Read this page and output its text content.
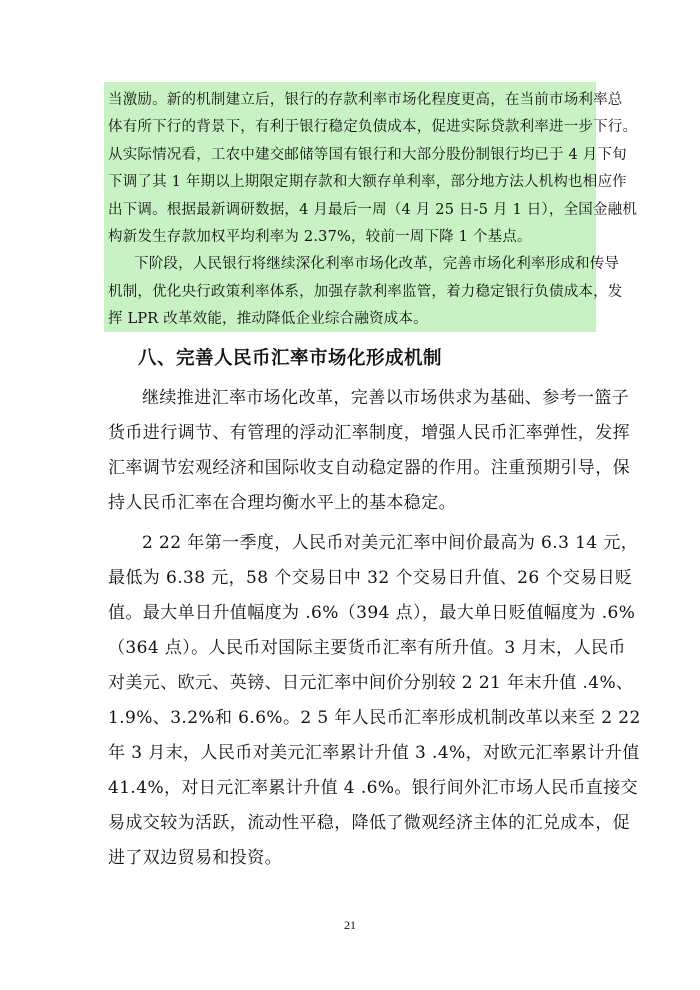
当激励。新的机制建立后，银行的存款利率市场化程度更高，在当前市场利率总
体有所下行的背景下，有利于银行稳定负债成本，促进实际贷款利率进一步下行。
从实际情况看，工农中建交邮储等国有银行和大部分股份制银行均已于 4 月下旬
下调了其 1 年期以上期限定期存款和大额存单利率，部分地方法人机构也相应作
出下调。根据最新调研数据，4 月最后一周（4 月 25 日-5 月 1 日），全国金融机
构新发生存款加权平均利率为 2.37%，较前一周下降 1 个基点。
下阶段，人民银行将继续深化利率市场化改革，完善市场化利率形成和传导
机制，优化央行政策利率体系，加强存款利率监管，着力稳定银行负债成本，发
挥 LPR 改革效能，推动降低企业综合融资成本。
八、完善人民币汇率市场化形成机制
继续推进汇率市场化改革，完善以市场供求为基础、参考一篮子
货币进行调节、有管理的浮动汇率制度，增强人民币汇率弹性，发挥
汇率调节宏观经济和国际收支自动稳定器的作用。注重预期引导，保
持人民币汇率在合理均衡水平上的基本稳定。
2 22 年第一季度，人民币对美元汇率中间价最高为 6.3 14 元，
最低为 6.38 元，58 个交易日中 32 个交易日升值、26 个交易日贬
值。最大单日升值幅度为 .6%（394 点），最大单日贬值幅度为 .6%
（364 点）。人民币对国际主要货币汇率有所升值。3 月末，人民币
对美元、欧元、英镑、日元汇率中间价分别较 2 21 年末升值 .4%、
1.9%、3.2%和 6.6%。2 5 年人民币汇率形成机制改革以来至 2 22
年 3 月末，人民币对美元汇率累计升值 3 .4%，对欧元汇率累计升值
41.4%，对日元汇率累计升值 4 .6%。银行间外汇市场人民币直接交
易成交较为活跃，流动性平稳，降低了微观经济主体的汇兑成本，促
进了双边贸易和投资。
21
